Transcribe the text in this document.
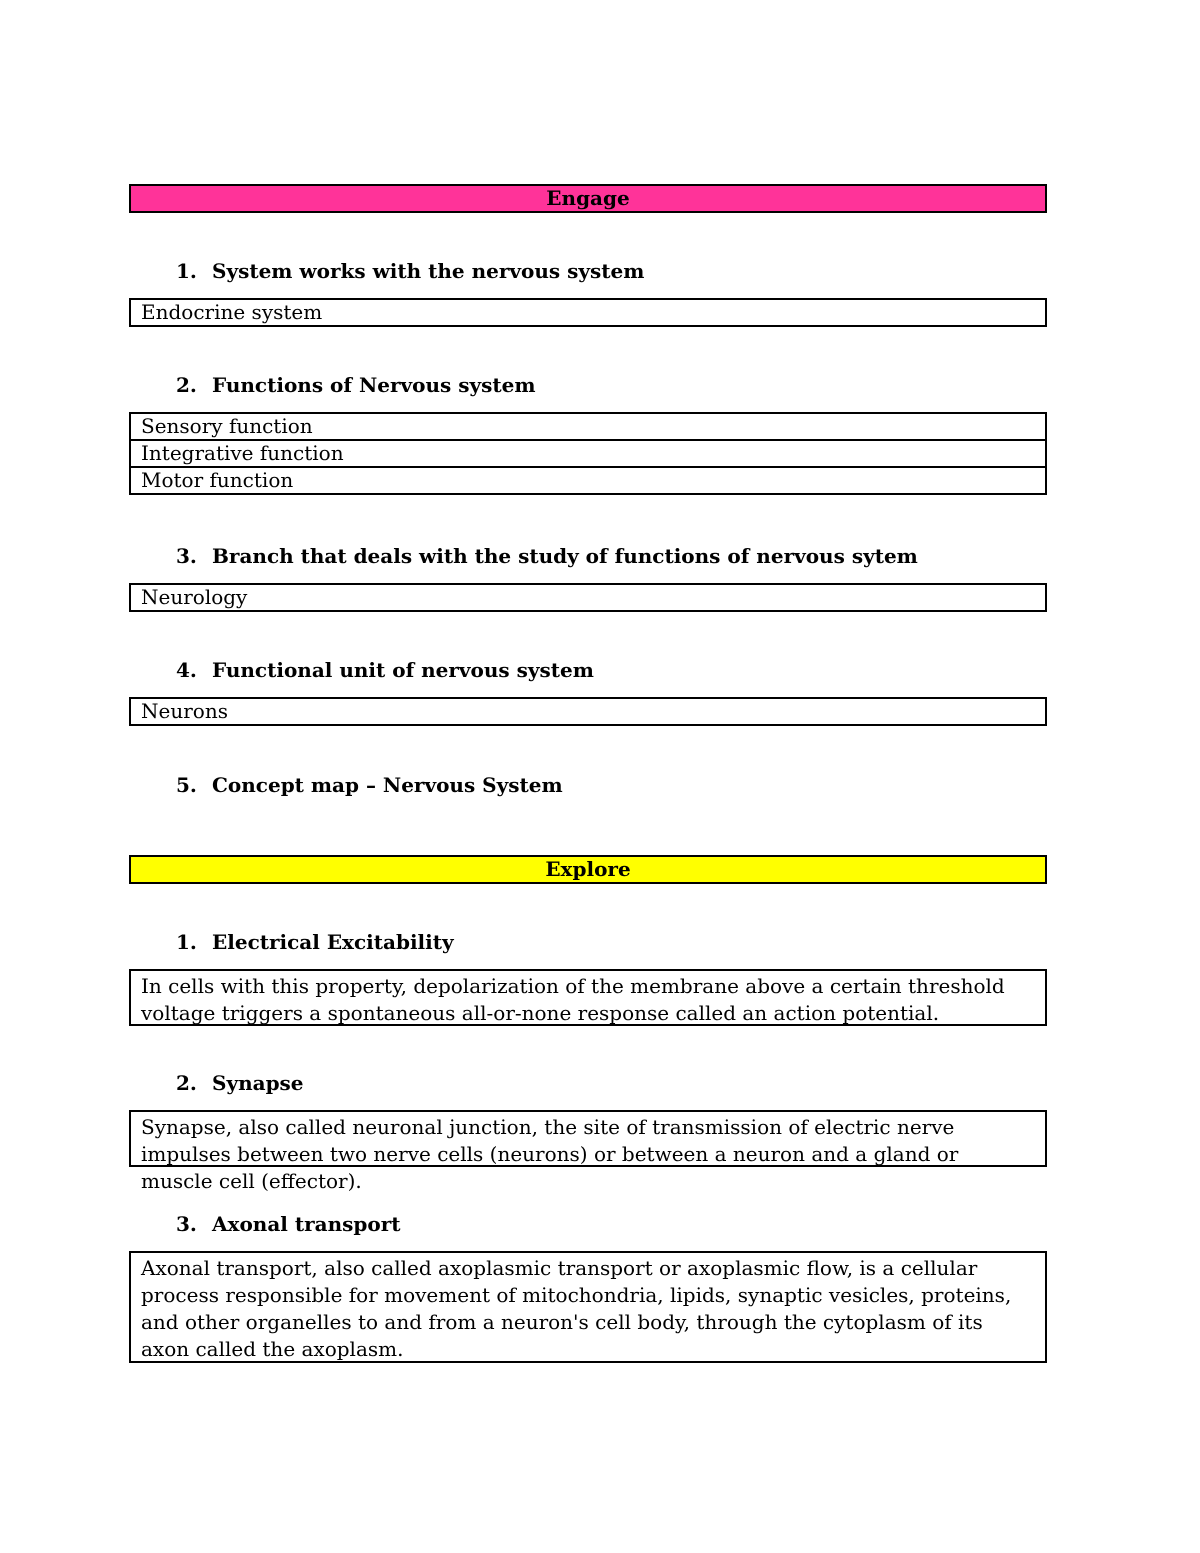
Engage
1. System works with the nervous system
Endocrine system
2. Functions of Nervous system
Sensory function
Integrative function
Motor function
3. Branch that deals with the study of functions of nervous sytem
Neurology
4. Functional unit of nervous system
Neurons
5. Concept map – Nervous System
Explore
1. Electrical Excitability
In cells with this property, depolarization of the membrane above a certain threshold voltage triggers a spontaneous all-or-none response called an action potential.
2. Synapse
Synapse, also called neuronal junction, the site of transmission of electric nerve impulses between two nerve cells (neurons) or between a neuron and a gland or muscle cell (effector).
3. Axonal transport
Axonal transport, also called axoplasmic transport or axoplasmic flow, is a cellular process responsible for movement of mitochondria, lipids, synaptic vesicles, proteins, and other organelles to and from a neuron's cell body, through the cytoplasm of its axon called the axoplasm.
